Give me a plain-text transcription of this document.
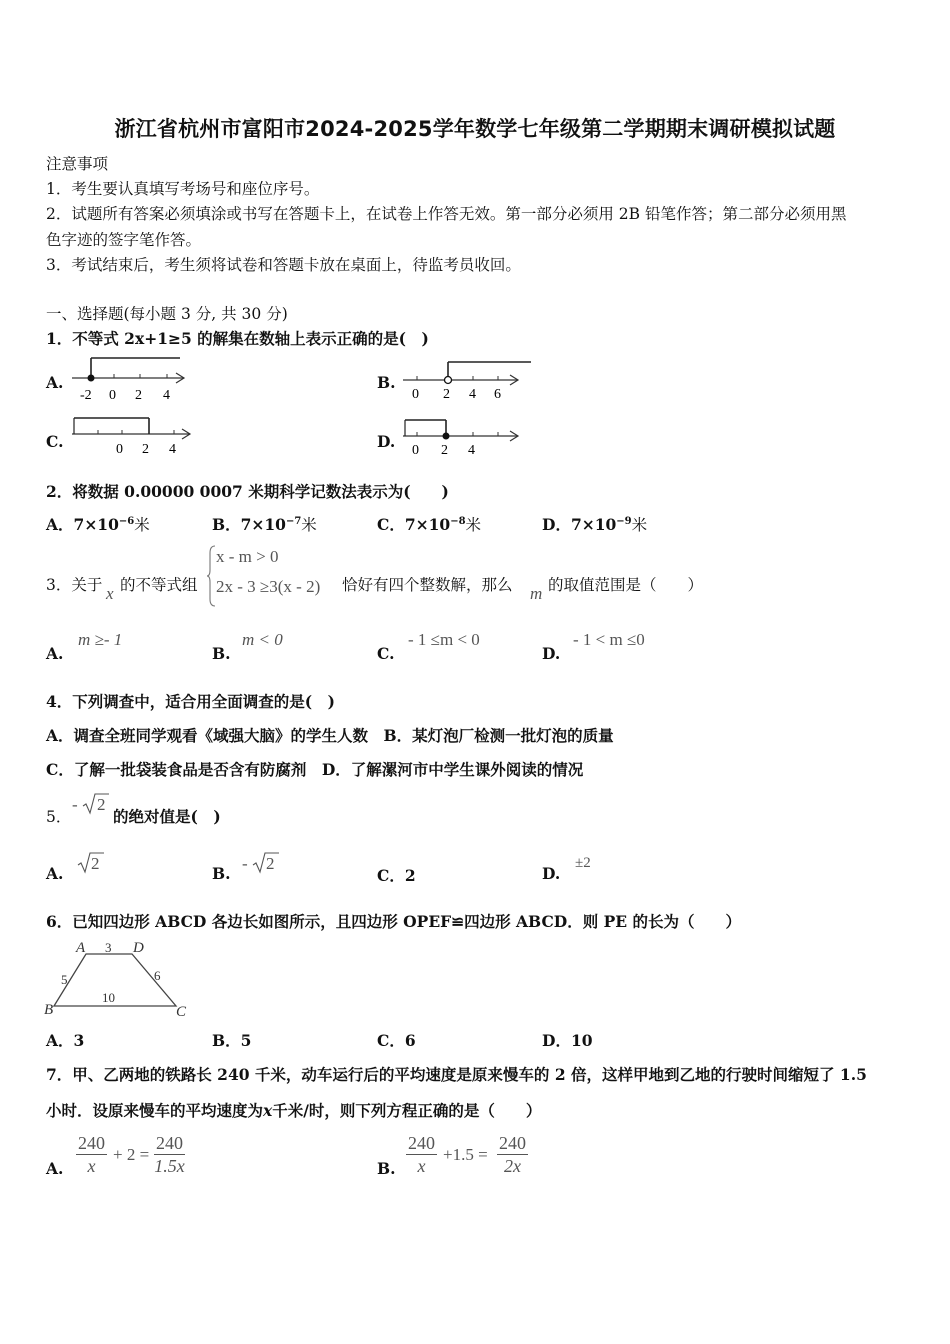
浙江省杭州市富阳市2024-2025学年数学七年级第二学期期末调研模拟试题
注意事项
1．考生要认真填写考场号和座位序号。
2．试题所有答案必须填涂或书写在答题卡上，在试卷上作答无效。第一部分必须用 2B 铅笔作答；第二部分必须用黑
色字迹的签字笔作答。
3．考试结束后，考生须将试卷和答题卡放在桌面上，待监考员收回。
一、选择题(每小题 3 分, 共 30 分)
1．不等式 2x+1≥5 的解集在数轴上表示正确的是(　)
A.
-2 0 2 4
B.
0 2 4 6
C.	0 2 4	D. 0 2 4
2．将数据 0.00000 0007 米期科学记数法表示为(　　)
A．$7\times 10^{-6}$米	B．$7\times 10^{-7}$米	C．$7\times 10^{-8}$米	D．$7\times 10^{-9}$米
3．关于 x 的不等式组
x - m > 0
2x - 3 ≥3(x - 2) 恰好有四个整数解，那么 m 的取值范围是（　　）
A.
m ≥- 1
B.
m < 0
C.
- 1 ≤m < 0
D.
- 1 < m ≤0
4．下列调查中，适合用全面调查的是(　)
A．调查全班同学观看《域强大脑》的学生人数　B．某灯泡厂检测一批灯泡的质量
C．了解一批袋装食品是否含有防腐剂　D．了解漯河市中学生课外阅读的情况
5．
- 2
的绝对值是(　)
A.
2
B.
- 2
C．2	D.
±2
6．已知四边形 ABCD 各边长如图所示，且四边形 OPEF≌四边形 ABCD．则 PE 的长为（　　）
A	D
B	C
3
5	6
10
A．3	B．5	C．6	D．10
7．甲、乙两地的铁路长 240 千米，动车运行后的平均速度是原来慢车的 2 倍，这样甲地到乙地的行驶时间缩短了 1.5
小时．设原来慢车的平均速度为x千米/时，则下列方程正确的是（　　）
A. $\frac{240}{x} + 2 = \frac{240}{1.5x}$	B. $\frac{240}{x} +1.5 = \frac{240}{2x}$
